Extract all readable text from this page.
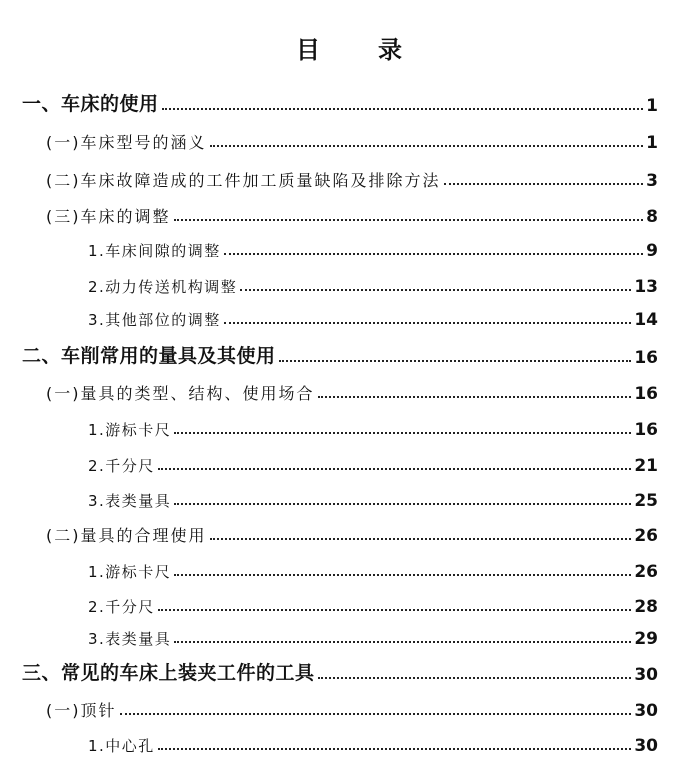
目 录
一、车床的使用	1
(一)车床型号的涵义	1
(二)车床故障造成的工件加工质量缺陷及排除方法	3
(三)车床的调整	8
1.车床间隙的调整	9
2.动力传送机构调整	13
3.其他部位的调整	14
二、车削常用的量具及其使用	16
(一)量具的类型、结构、使用场合	16
1.游标卡尺	16
2.千分尺	21
3.表类量具	25
(二)量具的合理使用	26
1.游标卡尺	26
2.千分尺	28
3.表类量具	29
三、常见的车床上装夹工件的工具	30
(一)顶针	30
1.中心孔	30
